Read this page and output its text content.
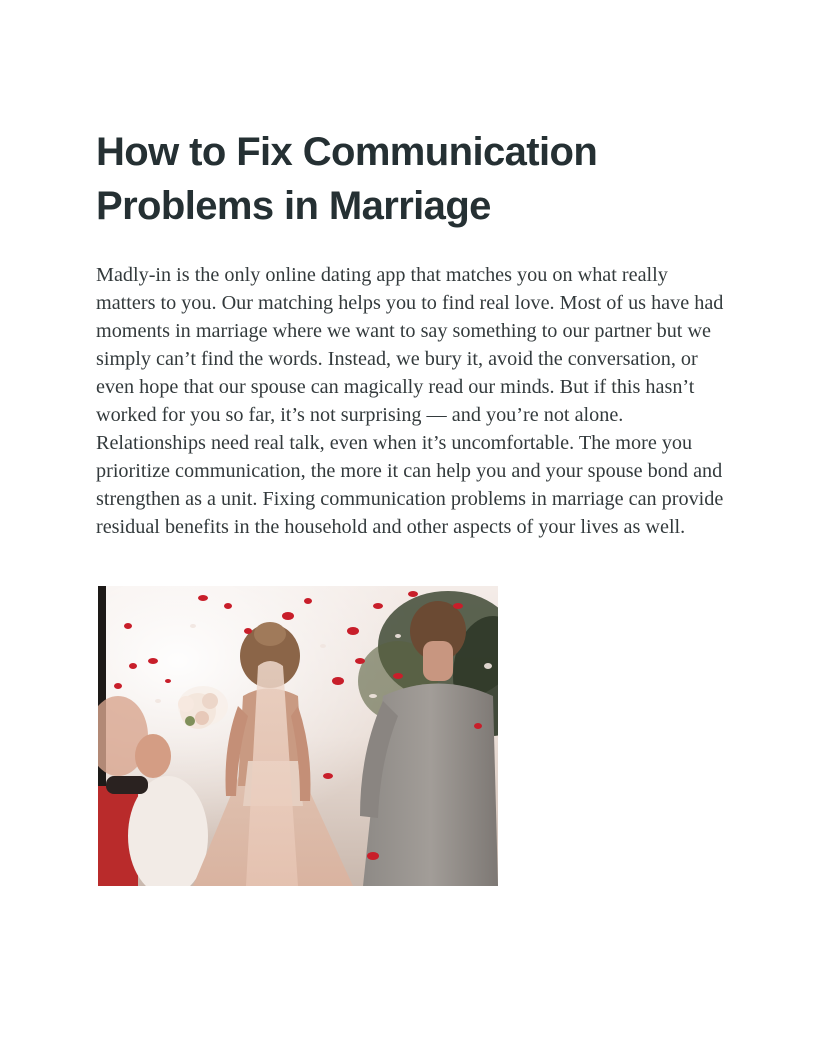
How to Fix Communication Problems in Marriage

Madly-in is the only online dating app that matches you on what really matters to you. Our matching helps you to find real love. Most of us have had moments in marriage where we want to say something to our partner but we simply can’t find the words. Instead, we bury it, avoid the conversation, or even hope that our spouse can magically read our minds. But if this hasn’t worked for you so far, it’s not surprising — and you’re not alone. Relationships need real talk, even when it’s uncomfortable. The more you prioritize communication, the more it can help you and your spouse bond and strengthen as a unit. Fixing communication problems in marriage can provide residual benefits in the household and other aspects of your lives as well.
